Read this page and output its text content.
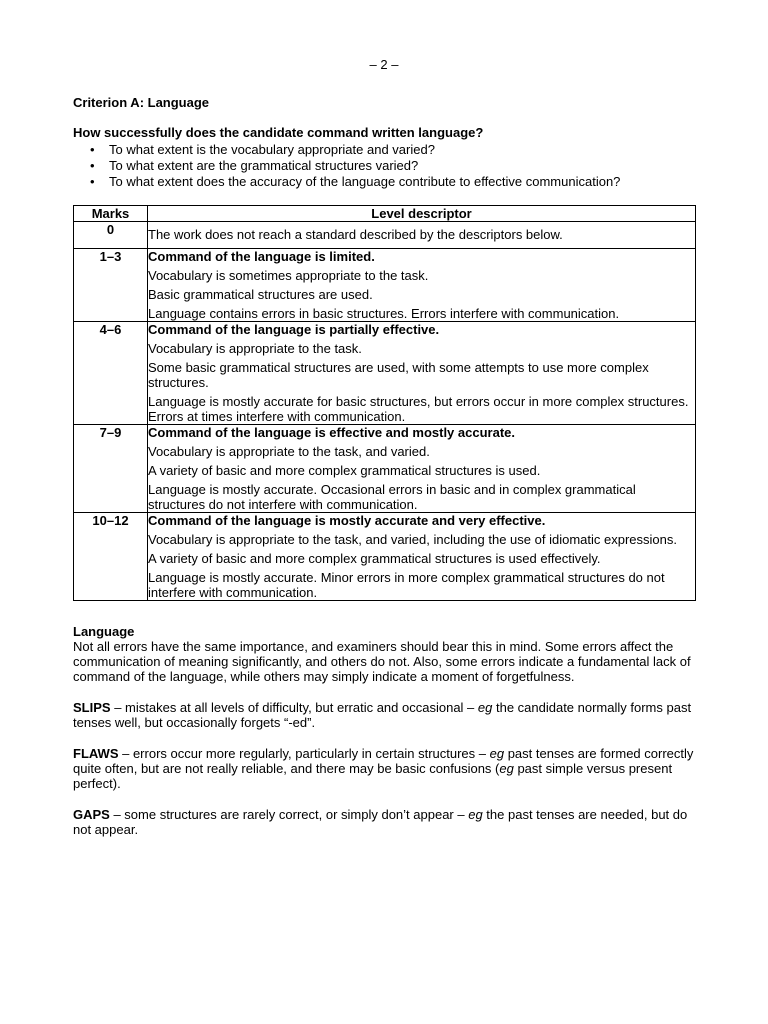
– 2 –

Criterion A: Language

How successfully does the candidate command written language?

• To what extent is the vocabulary appropriate and varied?
• To what extent are the grammatical structures varied?
• To what extent does the accuracy of the language contribute to effective communication?
Marks	Level descriptor
0	The work does not reach a standard described by the descriptors below.

1–3	Command of the language is limited.

Vocabulary is sometimes appropriate to the task.

Basic grammatical structures are used.

Language contains errors in basic structures. Errors interfere with communication.

4–6	Command of the language is partially effective.

Vocabulary is appropriate to the task.

Some basic grammatical structures are used, with some attempts to use more complex structures.

Language is mostly accurate for basic structures, but errors occur in more complex structures. Errors at times interfere with communication.

7–9	Command of the language is effective and mostly accurate.

Vocabulary is appropriate to the task, and varied.

A variety of basic and more complex grammatical structures is used.

Language is mostly accurate. Occasional errors in basic and in complex grammatical structures do not interfere with communication.

10–12	Command of the language is mostly accurate and very effective.

Vocabulary is appropriate to the task, and varied, including the use of idiomatic expressions.

A variety of basic and more complex grammatical structures is used effectively.

Language is mostly accurate. Minor errors in more complex grammatical structures do not interfere with communication.

Language

Not all errors have the same importance, and examiners should bear this in mind. Some errors affect the communication of meaning significantly, and others do not. Also, some errors indicate a fundamental lack of command of the language, while others may simply indicate a moment of forgetfulness.

SLIPS – mistakes at all levels of difficulty, but erratic and occasional – eg the candidate normally forms past tenses well, but occasionally forgets “-ed”.

FLAWS – errors occur more regularly, particularly in certain structures – eg past tenses are formed correctly quite often, but are not really reliable, and there may be basic confusions (eg past simple versus present perfect).

GAPS – some structures are rarely correct, or simply don’t appear – eg the past tenses are needed, but do not appear.
